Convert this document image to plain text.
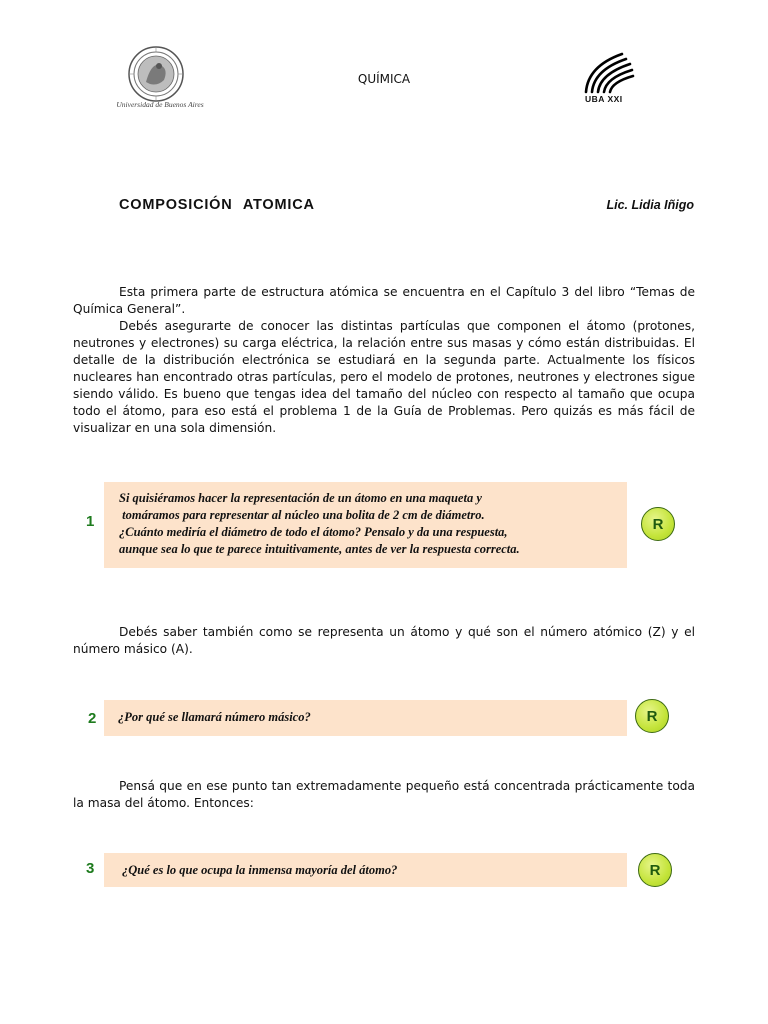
Universidad de Buenos Aires
QUÍMICA
UBA XXI
COMPOSICIÓN ATOMICA	Lic. Lidia Iñigo

Esta primera parte de estructura atómica se encuentra en el Capítulo 3 del libro “Temas de Química General”.

Debés asegurarte de conocer las distintas partículas que componen el átomo (protones, neutrones y electrones) su carga eléctrica, la relación entre sus masas y cómo están distribuidas. El detalle de la distribución electrónica se estudiará en la segunda parte. Actualmente los físicos nucleares han encontrado otras partículas, pero el modelo de protones, neutrones y electrones sigue siendo válido. Es bueno que tengas idea del tamaño del núcleo con respecto al tamaño que ocupa todo el átomo, para eso está el problema 1 de la Guía de Problemas. Pero quizás es más fácil de visualizar en una sola dimensión.

1
Si quisiéramos hacer la representación de un átomo en una maqueta y
tomáramos para representar al núcleo una bolita de 2 cm de diámetro.
¿Cuánto mediría el diámetro de todo el átomo? Pensalo y da una respuesta,
aunque sea lo que te parece intuitivamente, antes de ver la respuesta correcta.
R

Debés saber también como se representa un átomo y qué son el número atómico (Z) y el número másico (A).

2 ¿Por qué se llamará número másico?	R

Pensá que en ese punto tan extremadamente pequeño está concentrada prácticamente toda la masa del átomo. Entonces:

3 ¿Qué es lo que ocupa la inmensa mayoría del átomo?	R
